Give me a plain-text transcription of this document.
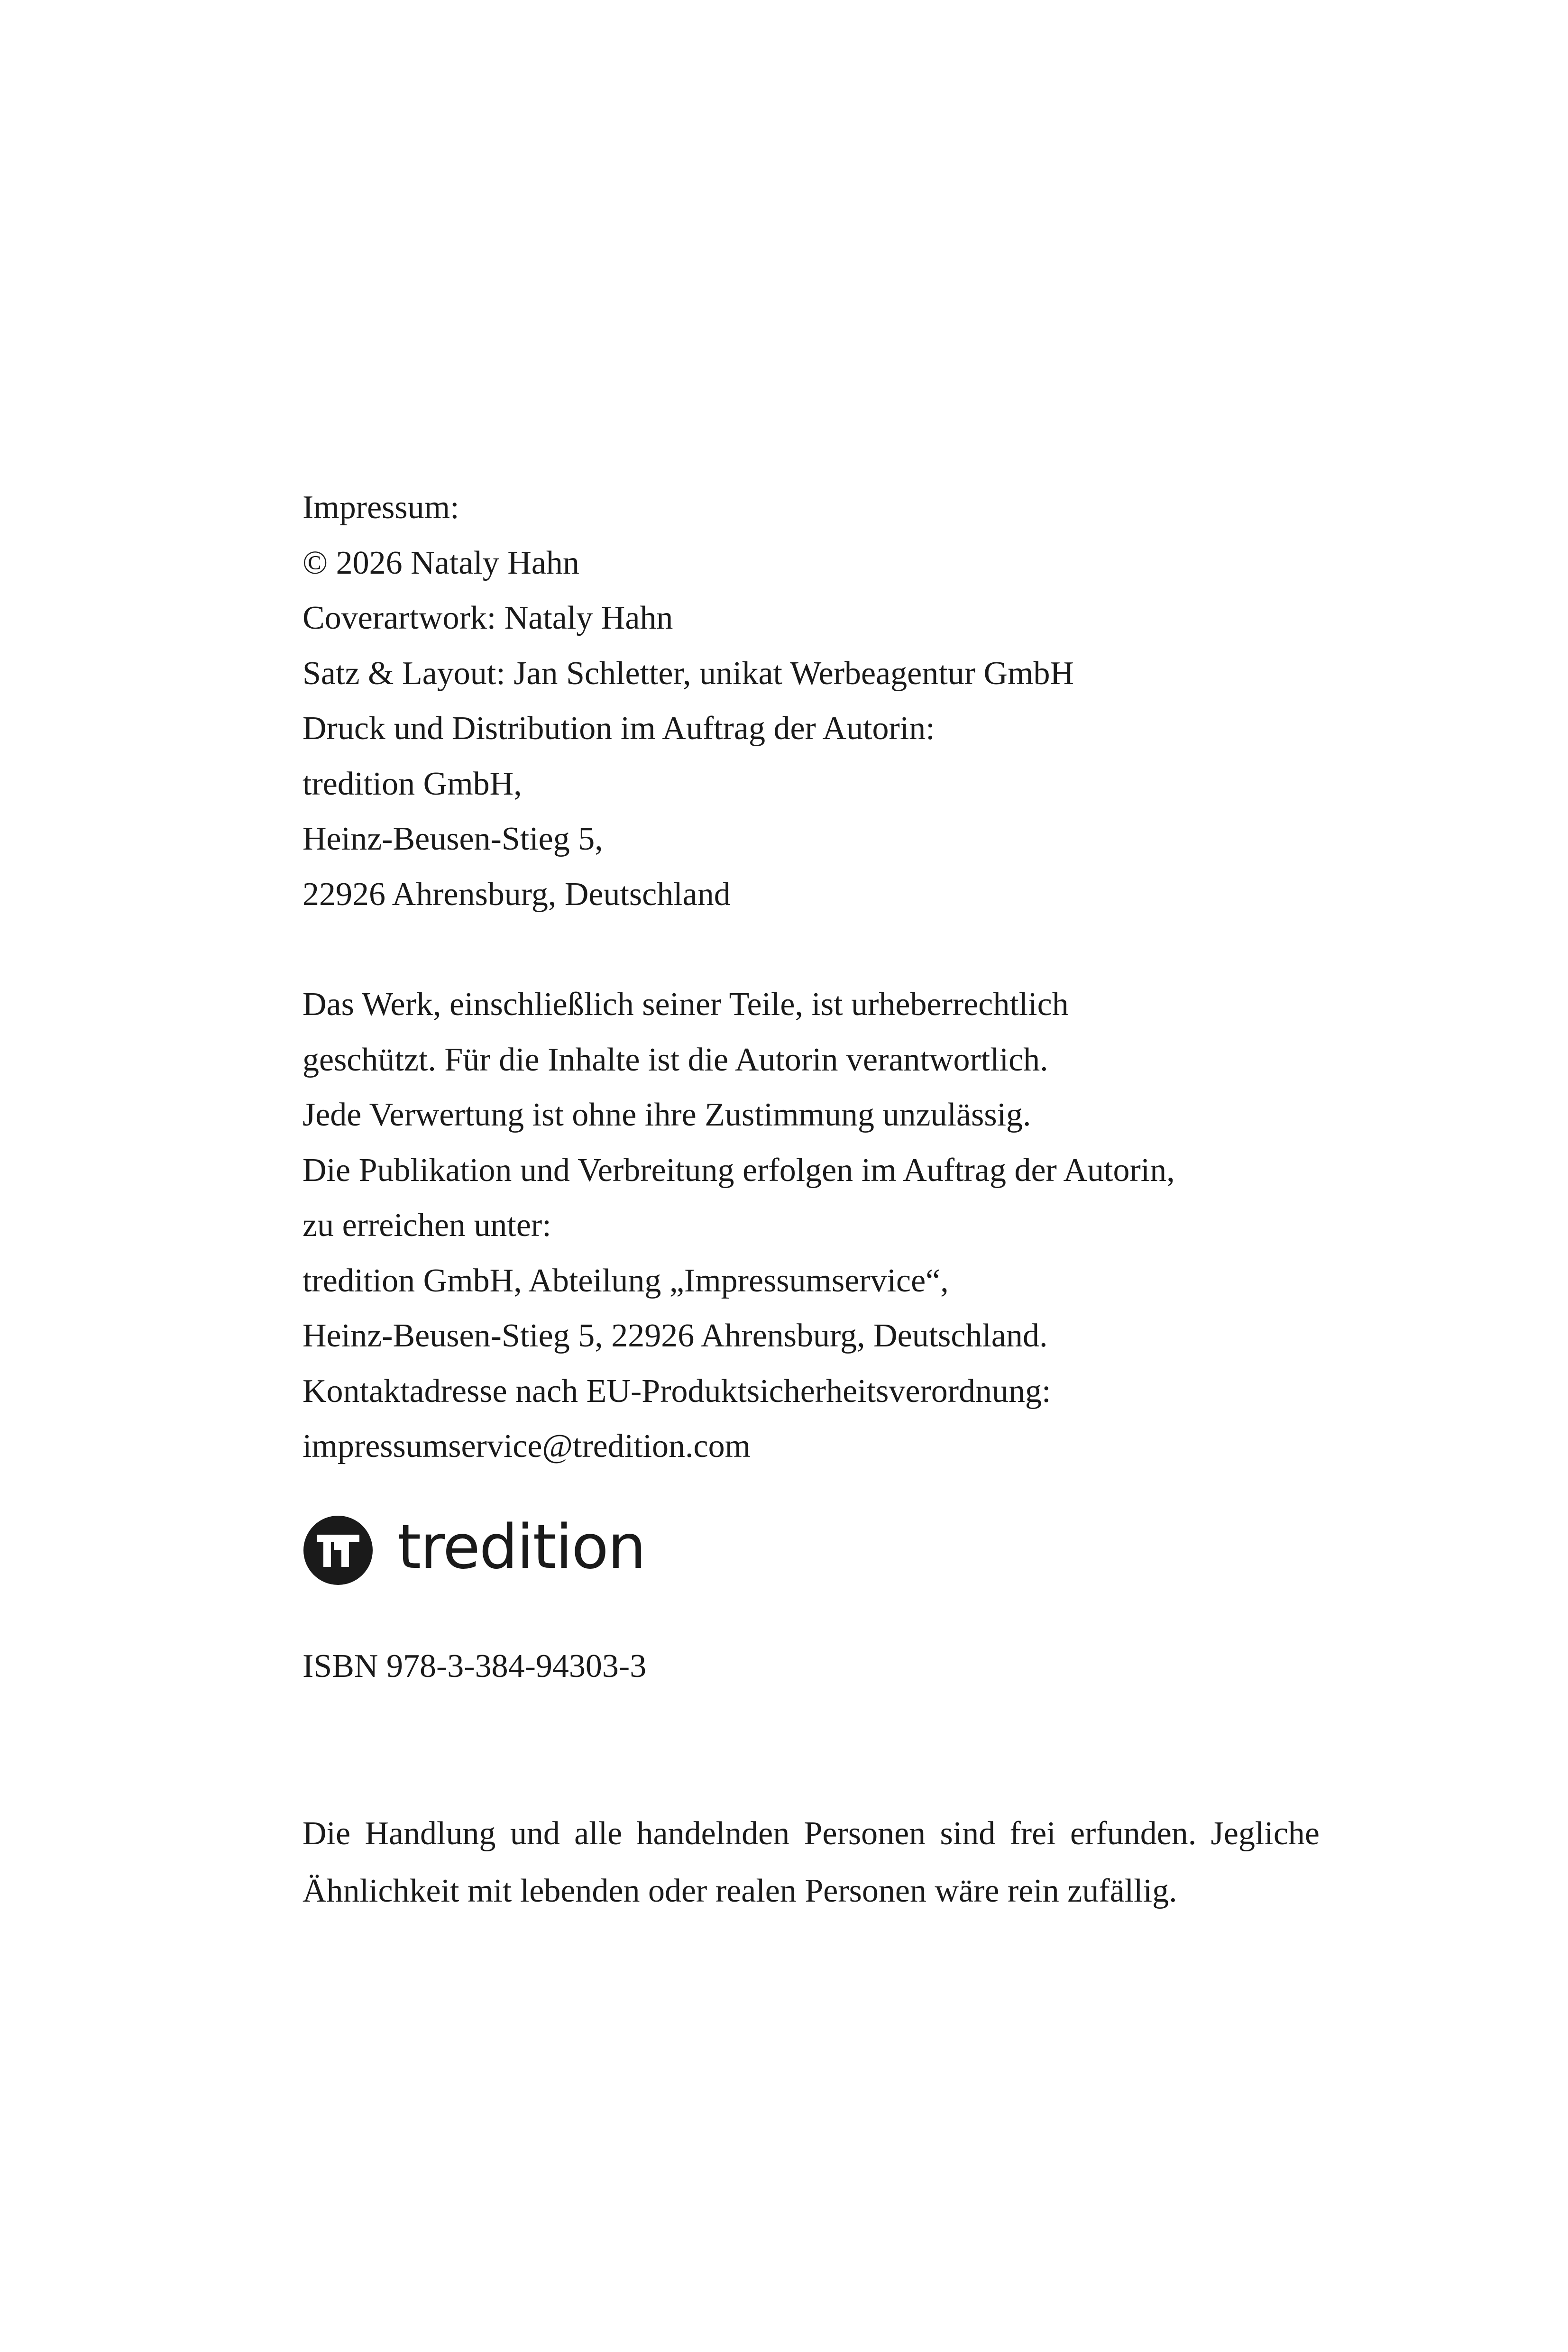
Impressum:
© 2026 Nataly Hahn
Coverartwork: Nataly Hahn
Satz & Layout: Jan Schletter, unikat Werbeagentur GmbH
Druck und Distribution im Auftrag der Autorin:
tredition GmbH,
Heinz-Beusen-Stieg 5,
22926 Ahrensburg, Deutschland
Das Werk, einschließlich seiner Teile, ist urheberrechtlich
geschützt. Für die Inhalte ist die Autorin verantwortlich.
Jede Verwertung ist ohne ihre Zustimmung unzulässig.
Die Publikation und Verbreitung erfolgen im Auftrag der Autorin,
zu erreichen unter:
tredition GmbH, Abteilung „Impressumservice“,
Heinz-Beusen-Stieg 5, 22926 Ahrensburg, Deutschland.
Kontaktadresse nach EU-Produktsicherheitsverordnung:
impressumservice@tredition.com
tredition
ISBN 978-3-384-94303-3
Die Handlung und alle handelnden Personen sind frei erfunden. Jegliche Ähnlichkeit mit lebenden oder realen Personen wäre rein zufällig.
